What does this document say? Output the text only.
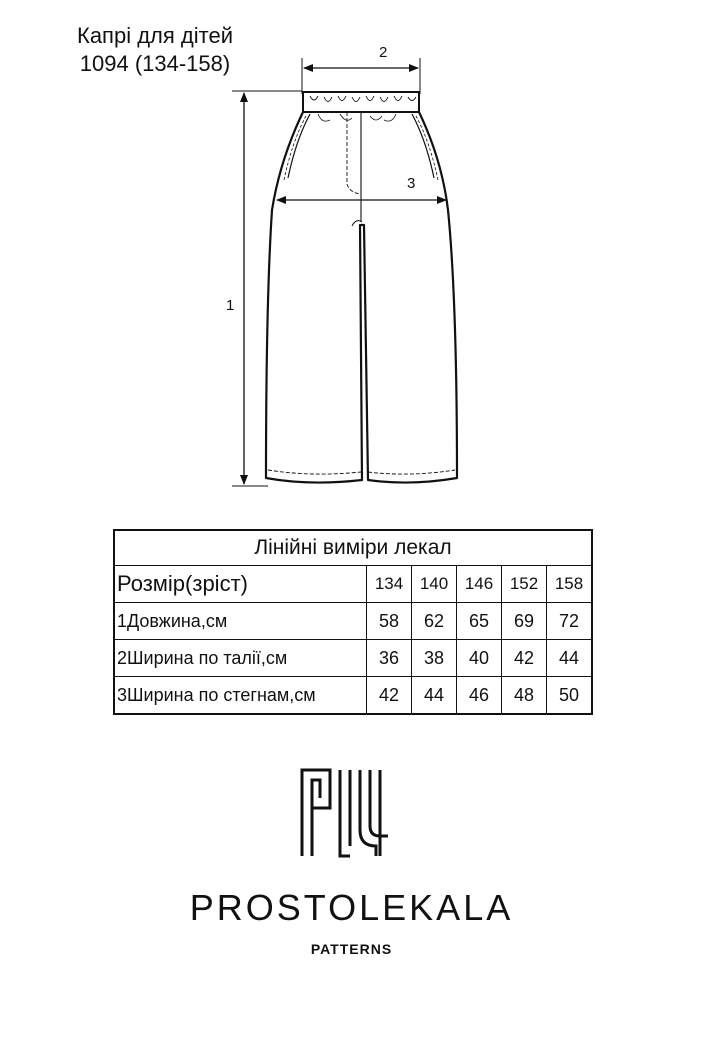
Капрі для дітей
1094 (134-158)	2
3
1
Лінійні виміри лекал					
Розмір(зріст)	134	140	146	152	158
1Довжина,см	58	62	65	69	72
2Ширина по талії,см	36	38	40	42	44
3Ширина по стегнам,см	42	44	46	48	50
PROSTOLEKALA
PATTERNS
